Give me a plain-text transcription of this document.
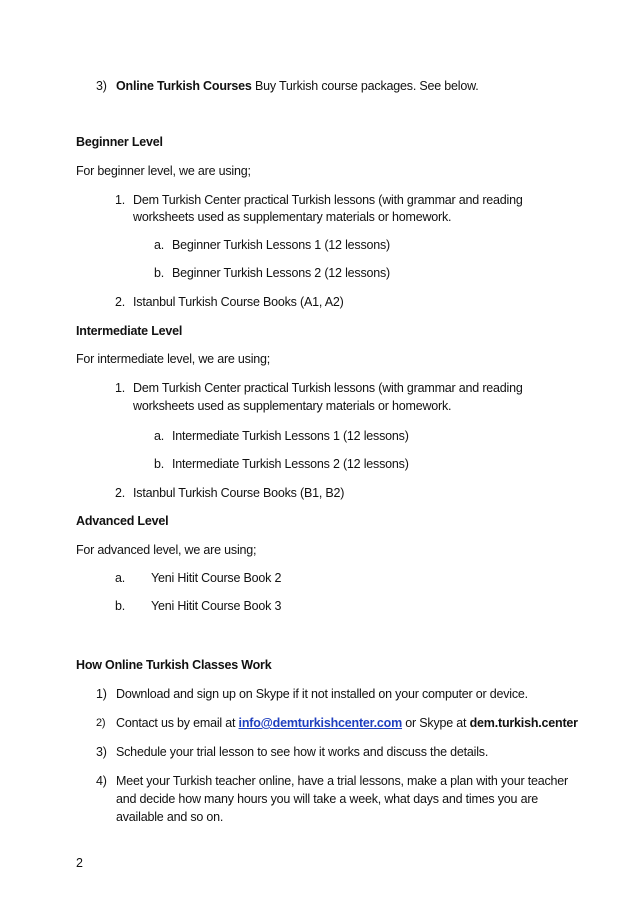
3) Online Turkish Courses Buy Turkish course packages. See below.
Beginner Level
For beginner level, we are using;
1. Dem Turkish Center practical Turkish lessons (with grammar and reading
worksheets used as supplementary materials or homework.
a. Beginner Turkish Lessons 1 (12 lessons)
b. Beginner Turkish Lessons 2 (12 lessons)
2. Istanbul Turkish Course Books (A1, A2)
Intermediate Level
For intermediate level, we are using;
1. Dem Turkish Center practical Turkish lessons (with grammar and reading
worksheets used as supplementary materials or homework.
a. Intermediate Turkish Lessons 1 (12 lessons)
b. Intermediate Turkish Lessons 2 (12 lessons)
2. Istanbul Turkish Course Books (B1, B2)
Advanced Level
For advanced level, we are using;
a. Yeni Hitit Course Book 2
b. Yeni Hitit Course Book 3
How Online Turkish Classes Work
1) Download and sign up on Skype if it not installed on your computer or device.
2) Contact us by email at info@demturkishcenter.com or Skype at dem.turkish.center
3) Schedule your trial lesson to see how it works and discuss the details.
4) Meet your Turkish teacher online, have a trial lessons, make a plan with your teacher
and decide how many hours you will take a week, what days and times you are
available and so on.
2
